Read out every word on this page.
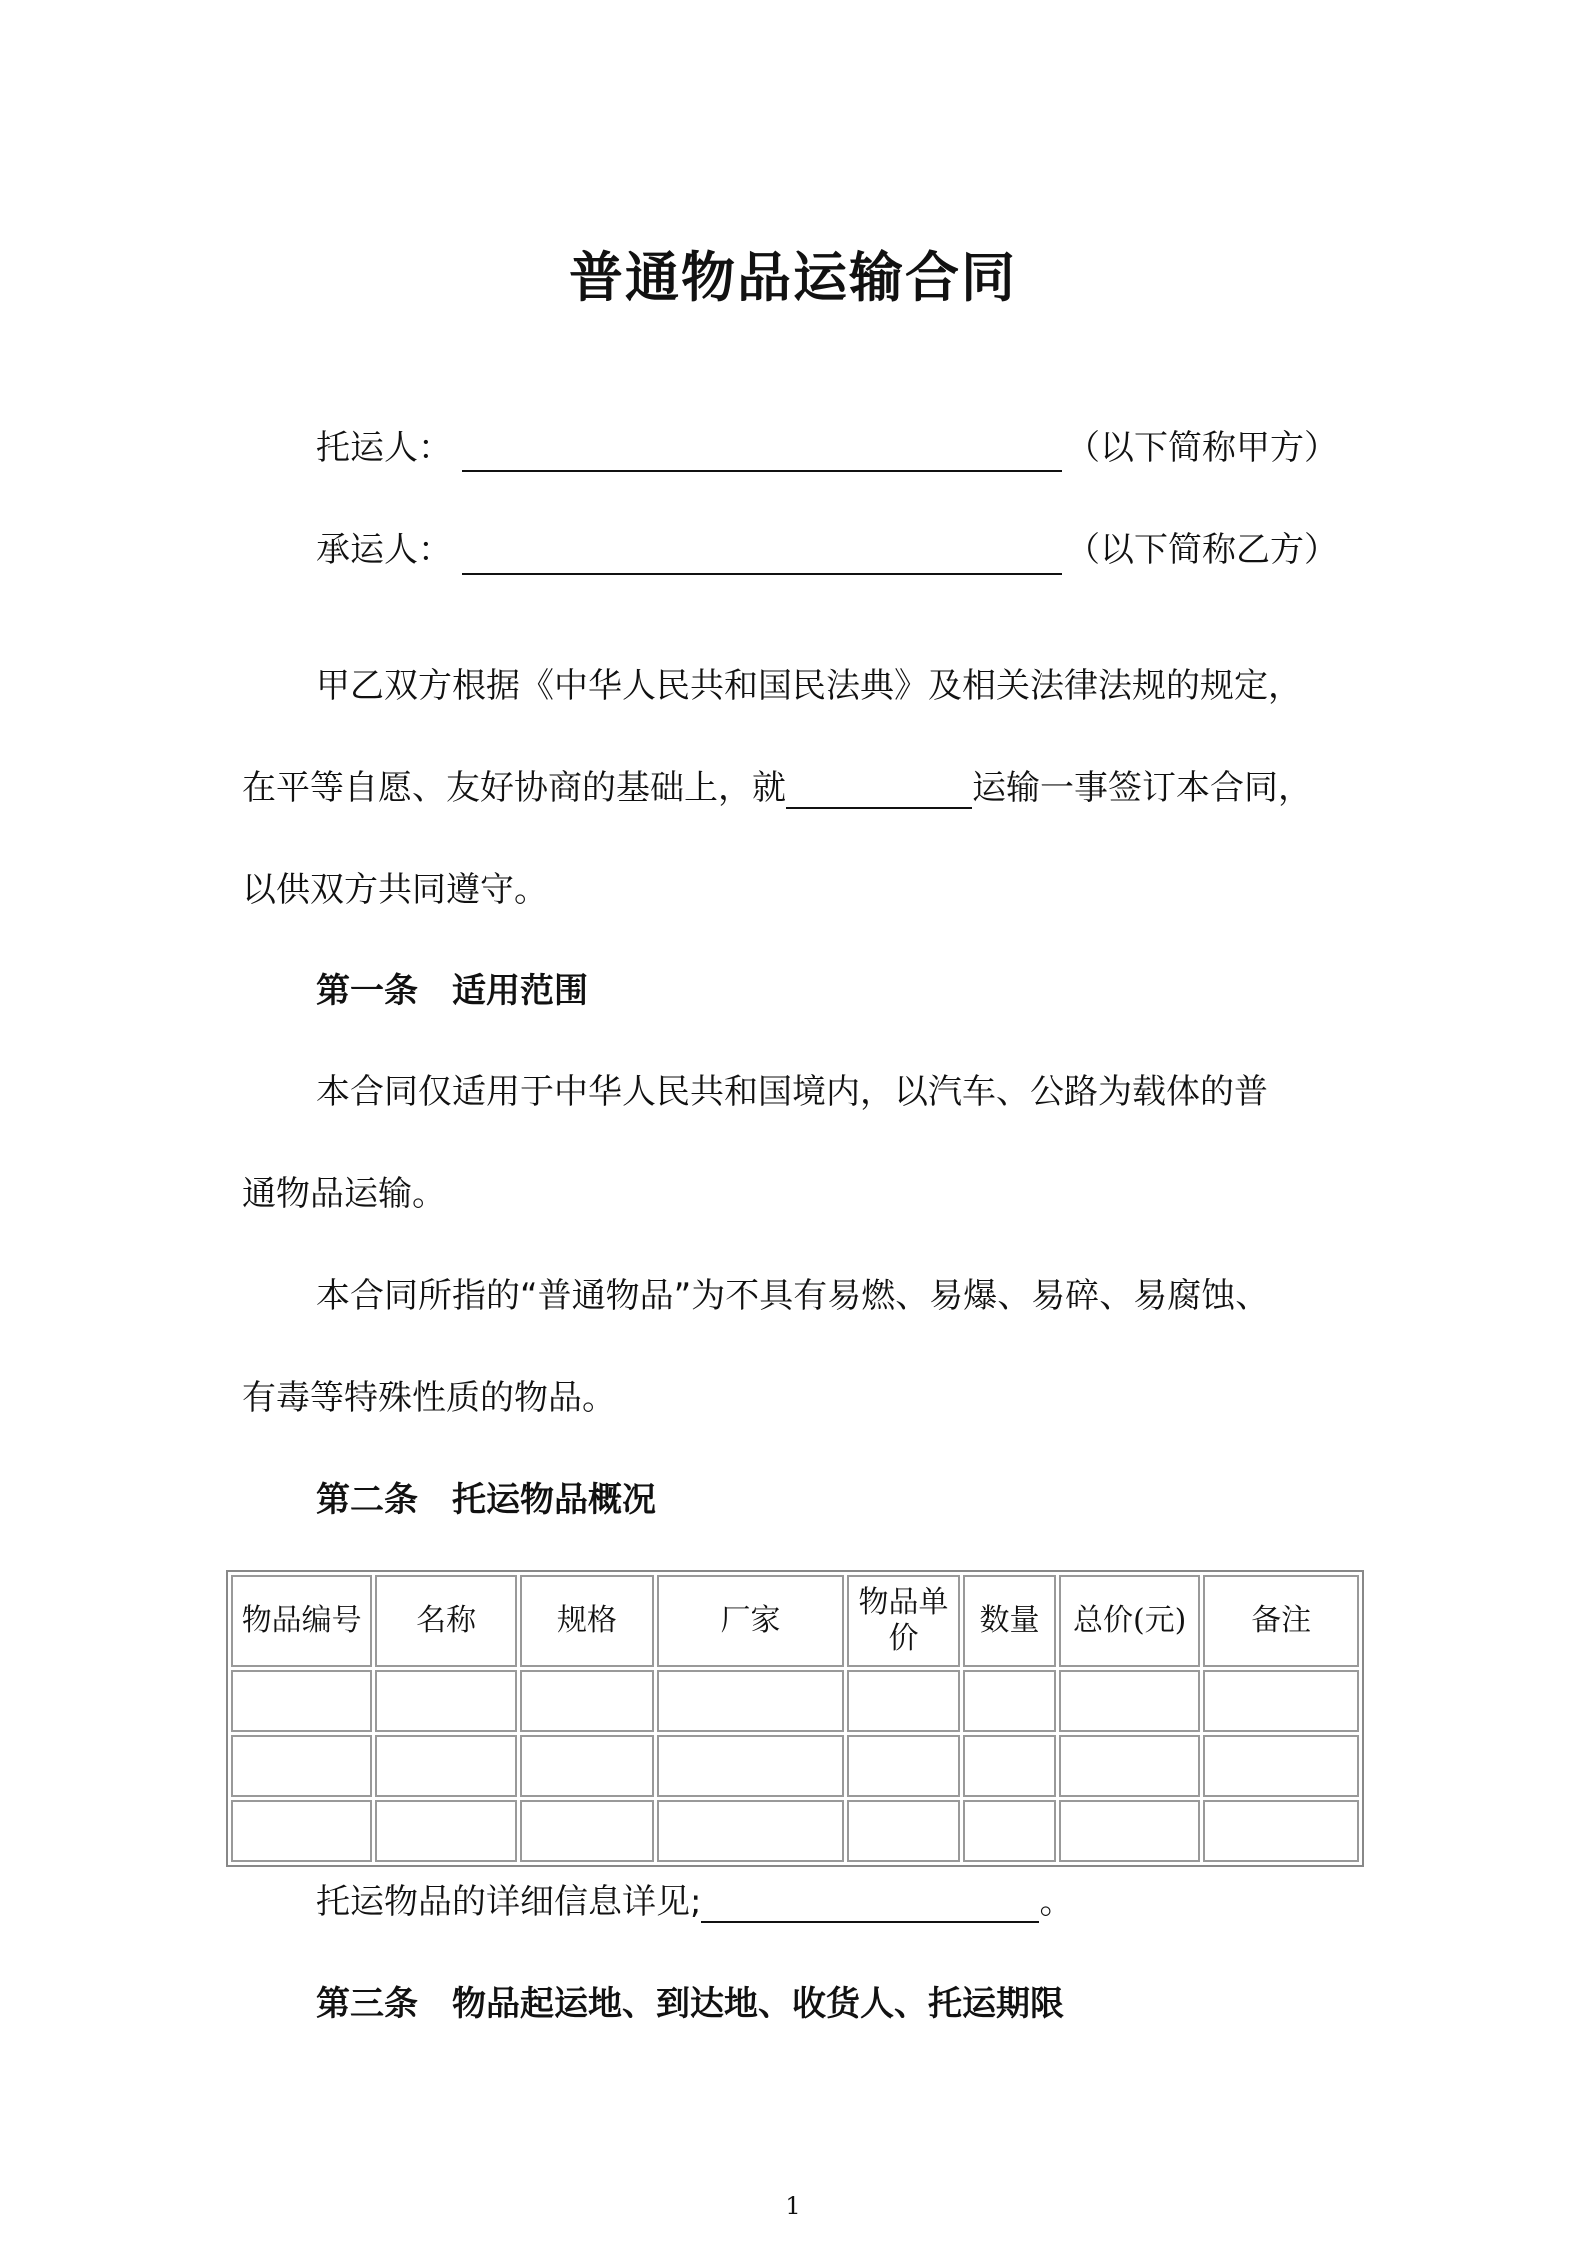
普通物品运输合同
托运人：	（以下简称甲方）
承运人：	（以下简称乙方）
甲乙双方根据《中华人民共和国民法典》及相关法律法规的规定，
在平等自愿、友好协商的基础上，就	运输一事签订本合同，
以供双方共同遵守。
第一条　适用范围
本合同仅适用于中华人民共和国境内，以汽车、公路为载体的普
通物品运输。
本合同所指的“普通物品”为不具有易燃、易爆、易碎、易腐蚀、
有毒等特殊性质的物品。
第二条　托运物品概况
物品编号	名称	规格	厂家	物品单价	数量	总价(元)	备注

托运物品的详细信息详见;	。
第三条　物品起运地、到达地、收货人、托运期限
1
